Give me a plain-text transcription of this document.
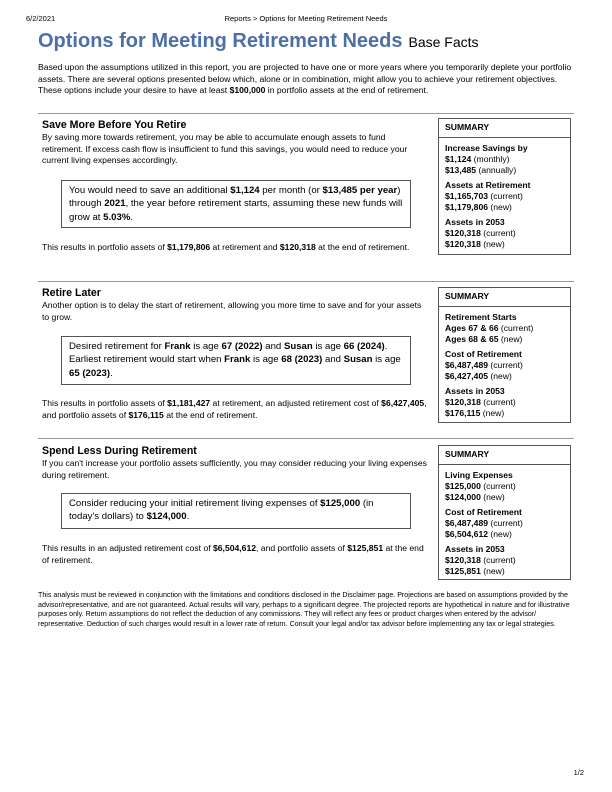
6/2/2021	Reports > Options for Meeting Retirement Needs
Options for Meeting Retirement Needs Base Facts
Based upon the assumptions utilized in this report, you are projected to have one or more years where you temporarily deplete your portfolio assets. There are several options presented below which, alone or in combination, might allow you to achieve your retirement objectives. These options include your desire to have at least $100,000 in portfolio assets at the end of retirement.
Save More Before You Retire
By saving more towards retirement, you may be able to accumulate enough assets to fund retirement. If excess cash flow is insufficient to fund this savings, you would need to reduce your current living expenses accordingly.
You would need to save an additional $1,124 per month (or $13,485 per year) through 2021, the year before retirement starts, assuming these new funds will grow at 5.03%.
This results in portfolio assets of $1,179,806 at retirement and $120,318 at the end of retirement.
SUMMARY
Increase Savings by
$1,124 (monthly)
$13,485 (annually)
Assets at Retirement
$1,165,703 (current)
$1,179,806 (new)
Assets in 2053
$120,318 (current)
$120,318 (new)
Retire Later
Another option is to delay the start of retirement, allowing you more time to save and for your assets to grow.
Desired retirement for Frank is age 67 (2022) and Susan is age 66 (2024). Earliest retirement would start when Frank is age 68 (2023) and Susan is age 65 (2023).
This results in portfolio assets of $1,181,427 at retirement, an adjusted retirement cost of $6,427,405, and portfolio assets of $176,115 at the end of retirement.
SUMMARY
Retirement Starts
Ages 67 & 66 (current)
Ages 68 & 65 (new)
Cost of Retirement
$6,487,489 (current)
$6,427,405 (new)
Assets in 2053
$120,318 (current)
$176,115 (new)
Spend Less During Retirement
If you can't increase your portfolio assets sufficiently, you may consider reducing your living expenses during retirement.
Consider reducing your initial retirement living expenses of $125,000 (in today's dollars) to $124,000.
This results in an adjusted retirement cost of $6,504,612, and portfolio assets of $125,851 at the end of retirement.
SUMMARY
Living Expenses
$125,000 (current)
$124,000 (new)
Cost of Retirement
$6,487,489 (current)
$6,504,612 (new)
Assets in 2053
$120,318 (current)
$125,851 (new)
This analysis must be reviewed in conjunction with the limitations and conditions disclosed in the Disclaimer page. Projections are based on assumptions provided by the advisor/representative, and are not guaranteed. Actual results will vary, perhaps to a significant degree. The projected reports are hypothetical in nature and for illustrative purposes only. Return assumptions do not reflect the deduction of any commissions. They will reflect any fees or product charges when entered by the advisor/ representative. Deduction of such charges would result in a lower rate of return. Consult your legal and/or tax advisor before implementing any tax or legal strategies.
1/2
